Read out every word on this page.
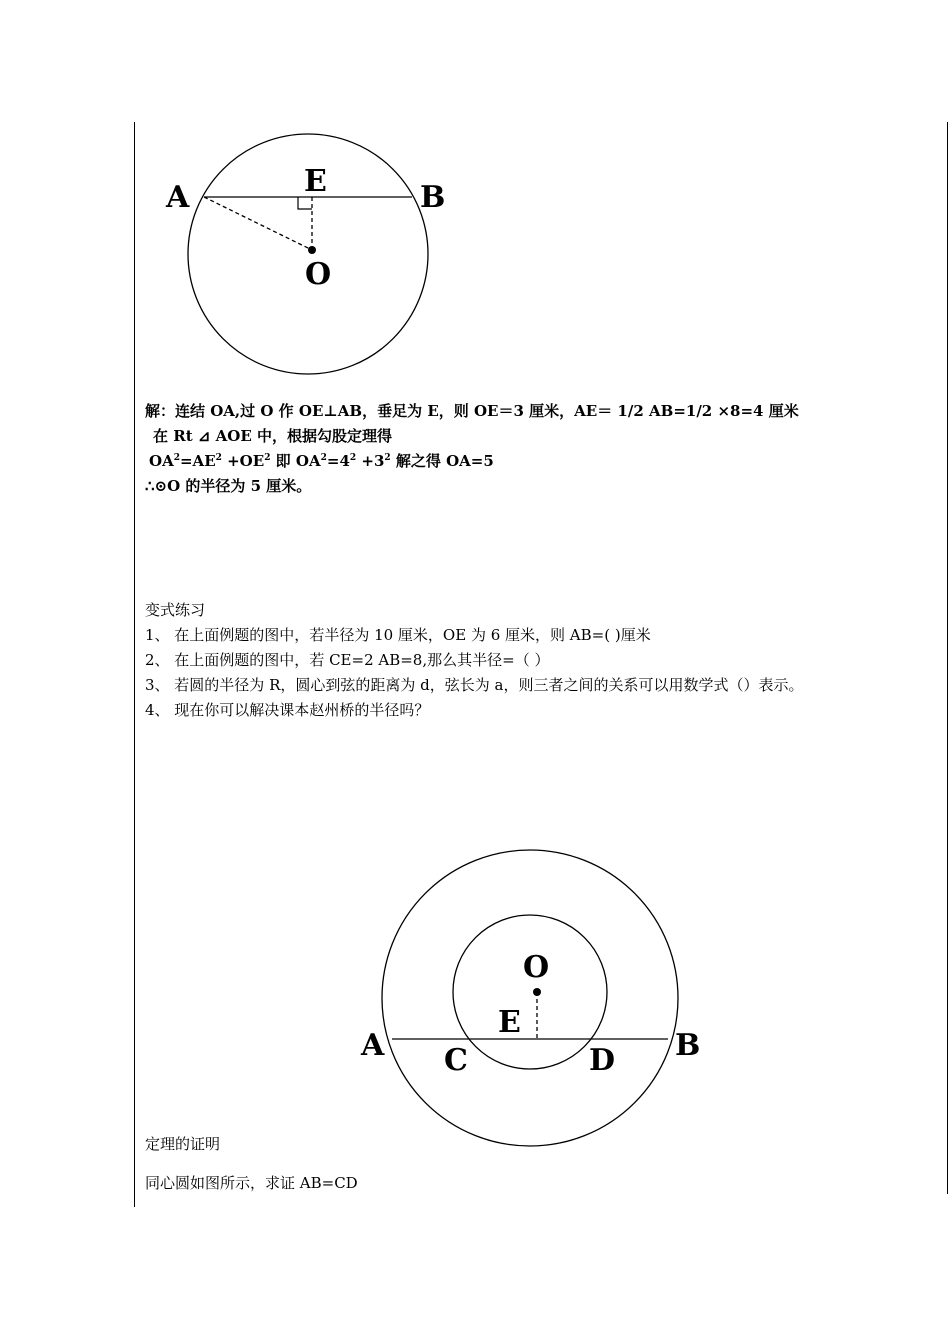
A	B
E
O
解：连结 OA,过 O 作 OE⊥AB，垂足为 E，则 OE＝3 厘米，AE＝ 1/2 AB=1/2 ×8=4 厘米
在 Rt ⊿ AOE 中，根据勾股定理得
$OA^2=AE^2 +OE^2$ 即 $OA^2=4^2 +3^2$ 解之得 OA=5
∴⊙O 的半径为 5 厘米。
变式练习
1、 在上面例题的图中，若半径为 10 厘米，OE 为 6 厘米，则 AB=( )厘米
2、 在上面例题的图中，若 CE=2 AB=8,那么其半径=（ ）
3、 若圆的半径为 R，圆心到弦的距离为 d，弦长为 a，则三者之间的关系可以用数学式（）表示。
4、 现在你可以解决课本赵州桥的半径吗？
O
E
A	B
C	D
定理的证明
同心圆如图所示，求证 AB=CD
